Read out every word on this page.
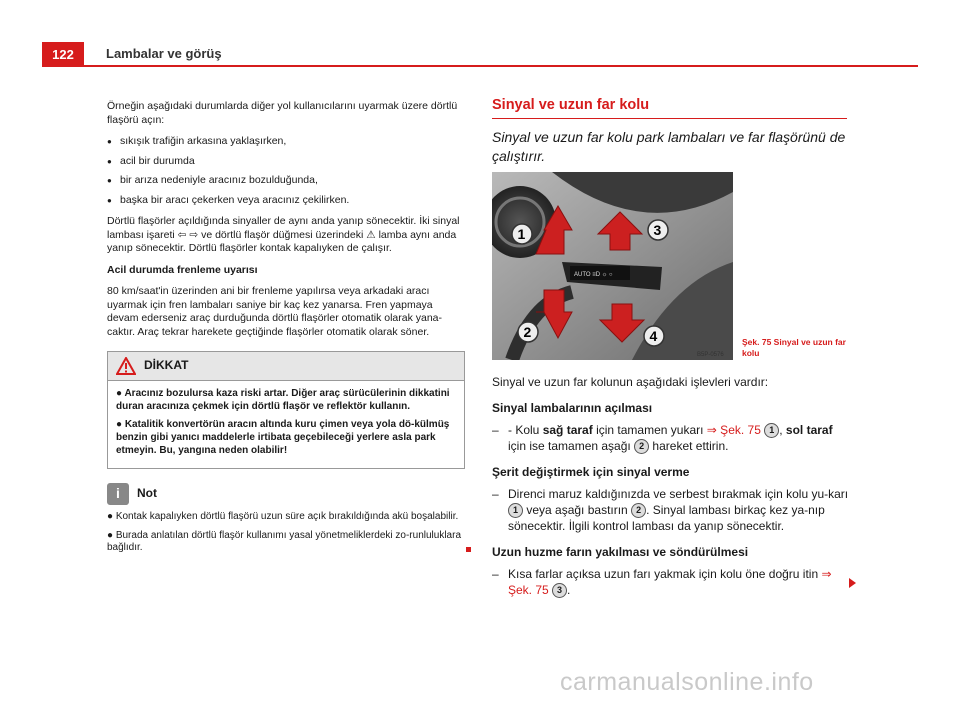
122	Lambalar ve görüş

Örneğin aşağıdaki durumlarda diğer yol kullanıcılarını uyarmak üzere dörtlü flaşörü açın:

● sıkışık trafiğin arkasına yaklaşırken,
● acil bir durumda
● bir arıza nedeniyle aracınız bozulduğunda,
● başka bir aracı çekerken veya aracınız çekilirken.

Dörtlü flaşörler açıldığında sinyaller de aynı anda yanıp sönecektir. İki sinyal lambası işareti ⇦ ⇨ ve dörtlü flaşör düğmesi üzerindeki ⚠ lamba aynı anda yanıp sönecektir. Dörtlü flaşörler kontak kapalıyken de çalışır.

Acil durumda frenleme uyarısı

80 km/saat'in üzerinden ani bir frenleme yapılırsa veya arkadaki aracı uyarmak için fren lambaları saniye bir kaç kez yanarsa. Fren yapmaya devam ederseniz araç durduğunda dörtlü flaşörler otomatik olarak yana-caktır. Araç tekrar harekete geçtiğinde flaşörler otomatik olarak söner.

DİKKAT

● Aracınız bozulursa kaza riski artar. Diğer araç sürücülerinin dikkatini duran aracınıza çekmek için dörtlü flaşör ve reflektör kullanın.

● Katalitik konvertörün aracın altında kuru çimen veya yola dö-külmüş benzin gibi yanıcı maddelerle irtibata geçebileceği yerlere asla park etmeyin. Bu, yangına neden olabilir!

i	Not

● Kontak kapalıyken dörtlü flaşörü uzun süre açık bırakıldığında akü boşalabilir.

● Burada anlatılan dörtlü flaşör kullanımı yasal yönetmeliklerdeki zo-runluluklara bağlıdır.

Sinyal ve uzun far kolu

Sinyal ve uzun far kolu park lambaları ve far flaşörünü de çalıştırır.

AUTO ≡D ☼ ○
1
2
3
4
B5P-0576
Şek. 75 Sinyal ve uzun far kolu

Sinyal ve uzun far kolunun aşağıdaki işlevleri vardır:

Sinyal lambalarının açılması

– - Kolu sağ taraf için tamamen yukarı ⇒ Şek. 75 1 , sol taraf için ise tamamen aşağı 2 hareket ettirin.

Şerit değiştirmek için sinyal verme

– Direnci maruz kaldığınızda ve serbest bırakmak için kolu yu-karı 1 veya aşağı bastırın 2 . Sinyal lambası birkaç kez ya-nıp sönecektir. İlgili kontrol lambası da yanıp sönecektir.

Uzun huzme farın yakılması ve söndürülmesi

– Kısa farlar açıksa uzun farı yakmak için kolu öne doğru itin ⇒ Şek. 75 3 .

carmanualsonline.info
